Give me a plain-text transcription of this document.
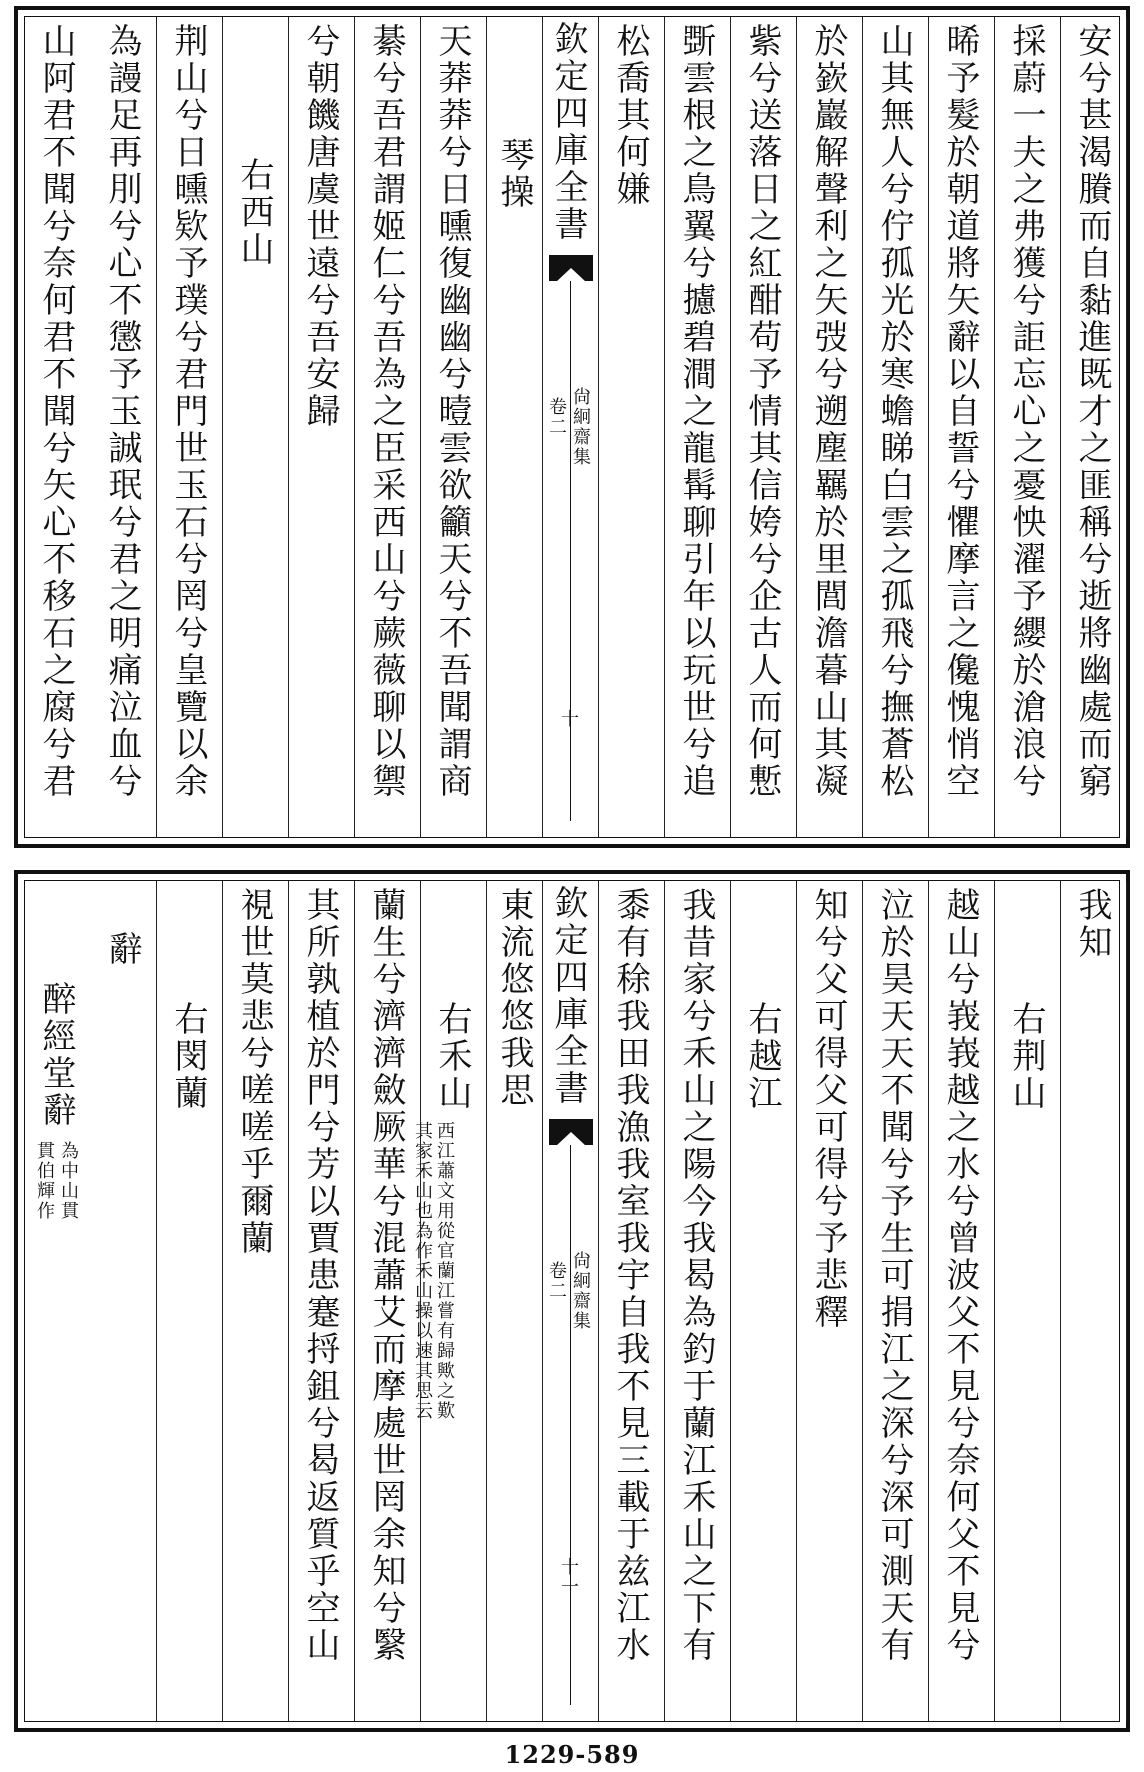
安兮甚渴賸而自黏進既才之匪稱兮逝將幽處而窮
採蔚一夫之弗獲兮詎忘心之憂怏濯予纓於滄浪兮
晞予髮於朝道將矢辭以自誓兮懼摩言之儳愧悄空
山其無人兮佇孤光於寒蟾睇白雲之孤飛兮撫蒼松
於嶔巖解聲利之矢弢兮遡塵羈於里閭澹暮山其凝
紫兮送落日之紅酣苟予情其信姱兮企古人而何慙
斲雲根之鳥翼兮攄碧澗之龍髯聊引年以玩世兮追
松喬其何嫌
欽定四庫全書
尙絅齋集
卷二
十
琴操
天莽莽兮日曛復幽幽兮曀雲欲籲天兮不吾聞謂商
綦兮吾君謂姬仁兮吾為之臣采西山兮蕨薇聊以禦
兮朝饑唐虞世遠兮吾安歸
右西山
荆山兮日曛欵予璞兮君門世玉石兮罔兮皇覽以余
為謾足再刖兮心不懲予玉誠珉兮君之明痛泣血兮
山阿君不聞兮奈何君不聞兮矢心不移石之腐兮君
我知
右荆山
越山兮峩峩越之水兮曾波父不見兮奈何父不見兮
泣於昊天天不聞兮予生可捐江之深兮深可測天有
知兮父可得父可得兮予悲釋
右越江
我昔家兮禾山之陽今我曷為釣于蘭江禾山之下有
黍有稌我田我漁我室我宇自我不見三載于兹江水
欽定四庫全書
尙絅齋集
卷二
十一
東流悠悠我思
右禾山
西江蕭文用從官蘭江嘗有歸歟之歎
其家禾山也為作禾山操以速其思云
蘭生兮濟濟斂厥華兮混蕭艾而摩處世罔余知兮繄
其所孰植於門兮芳以賈患蹇捋鉏兮曷返質乎空山
視世莫悲兮嗟嗟乎爾蘭
右閔蘭
辭
醉經堂辭
為中山貫
貫伯輝作
1229-589
